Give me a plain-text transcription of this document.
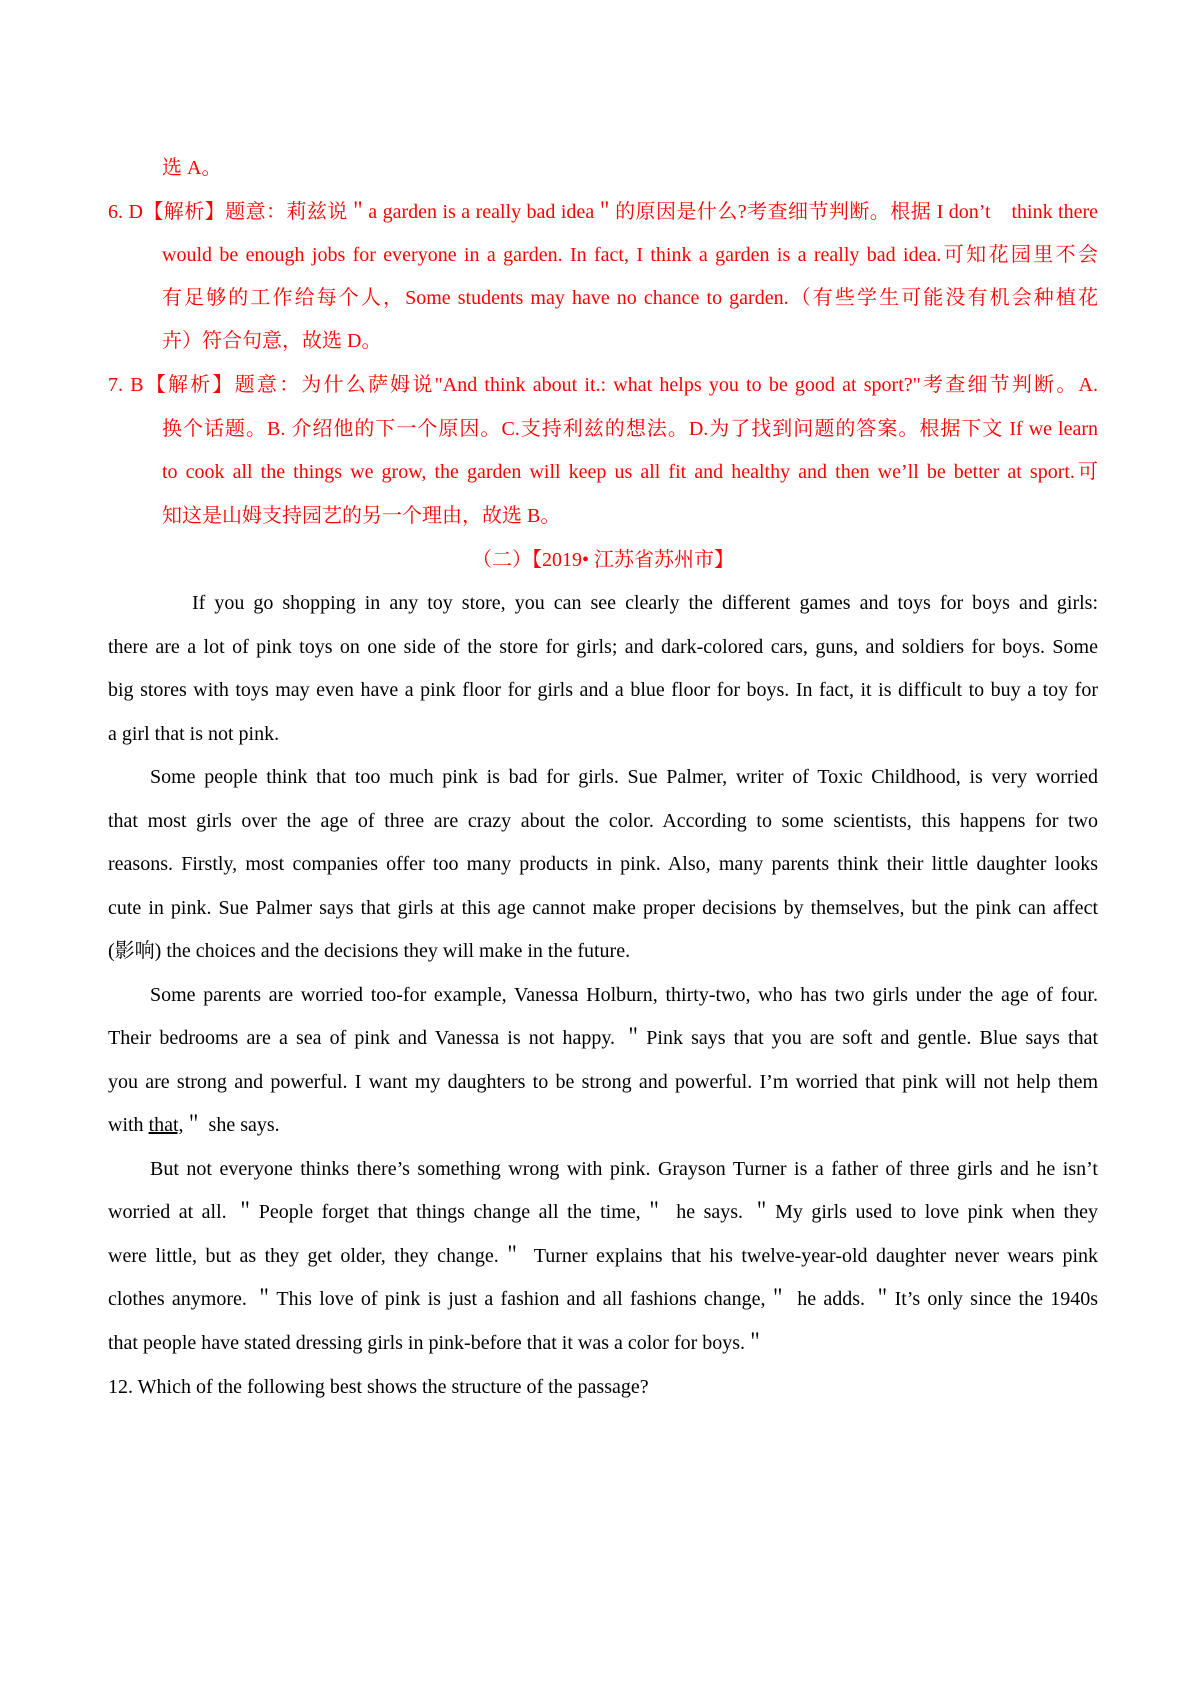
选 A。
6. D【解析】题意：莉兹说＂a garden is a really bad idea＂的原因是什么?考查细节判断。根据 I don’t　think there
would be enough jobs for everyone in a garden. In fact, I think a garden is a really bad idea.可知花园里不会
有足够的工作给每个人，Some students may have no chance to garden.（有些学生可能没有机会种植花
卉）符合句意，故选 D。
7. B【解析】题意：为什么萨姆说"And think about it.: what helps you to be good at sport?"考查细节判断。A.
换个话题。B. 介绍他的下一个原因。C.支持利兹的想法。D.为了找到问题的答案。根据下文 If we learn
to cook all the things we grow, the garden will keep us all fit and healthy and then we’ll be better at sport.可
知这是山姆支持园艺的另一个理由，故选 B。
（二）【2019• 江苏省苏州市】
If you go shopping in any toy store, you can see clearly the different games and toys for boys and girls:
there are a lot of pink toys on one side of the store for girls; and dark-colored cars, guns, and soldiers for boys. Some
big stores with toys may even have a pink floor for girls and a blue floor for boys. In fact, it is difficult to buy a toy for
a girl that is not pink.
Some people think that too much pink is bad for girls. Sue Palmer, writer of Toxic Childhood, is very worried
that most girls over the age of three are crazy about the color. According to some scientists, this happens for two
reasons. Firstly, most companies offer too many products in pink. Also, many parents think their little daughter looks
cute in pink. Sue Palmer says that girls at this age cannot make proper decisions by themselves, but the pink can affect
(影响) the choices and the decisions they will make in the future.
Some parents are worried too-for example, Vanessa Holburn, thirty-two, who has two girls under the age of four.
Their bedrooms are a sea of pink and Vanessa is not happy. ＂Pink says that you are soft and gentle. Blue says that
you are strong and powerful. I want my daughters to be strong and powerful. I’m worried that pink will not help them
with that,＂ she says.
But not everyone thinks there’s something wrong with pink. Grayson Turner is a father of three girls and he isn’t
worried at all. ＂People forget that things change all the time,＂ he says. ＂My girls used to love pink when they
were little, but as they get older, they change.＂ Turner explains that his twelve-year-old daughter never wears pink
clothes anymore. ＂This love of pink is just a fashion and all fashions change,＂ he adds. ＂It’s only since the 1940s
that people have stated dressing girls in pink-before that it was a color for boys.＂
12. Which of the following best shows the structure of the passage?
